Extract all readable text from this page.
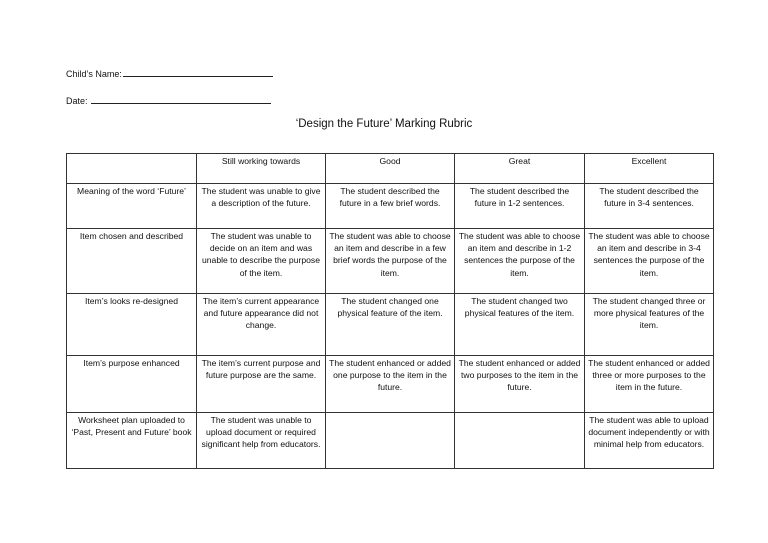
Child’s Name:
Date:
‘Design the Future’ Marking Rubric
	Still working towards	Good	Great	Excellent
Meaning of the word ‘Future’	The student was unable to give a description of the future.	The student described the future in a few brief words.	The student described the future in 1-2 sentences.	The student described the future in 3-4 sentences.
Item chosen and described	The student was unable to decide on an item and was unable to describe the purpose of the item.	The student was able to choose an item and describe in a few brief words the purpose of the item.	The student was able to choose an item and describe in 1-2 sentences the purpose of the item.	The student was able to choose an item and describe in 3-4 sentences the purpose of the item.
Item’s looks re-designed	The item’s current appearance and future appearance did not change.	The student changed one physical feature of the item.	The student changed two physical features of the item.	The student changed three or more physical features of the item.
Item’s purpose enhanced	The item’s current purpose and future purpose are the same.	The student enhanced or added one purpose to the item in the future.	The student enhanced or added two purposes to the item in the future.	The student enhanced or added three or more purposes to the item in the future.
Worksheet plan uploaded to ‘Past, Present and Future’ book	The student was unable to upload document or required significant help from educators.			The student was able to upload document independently or with minimal help from educators.
